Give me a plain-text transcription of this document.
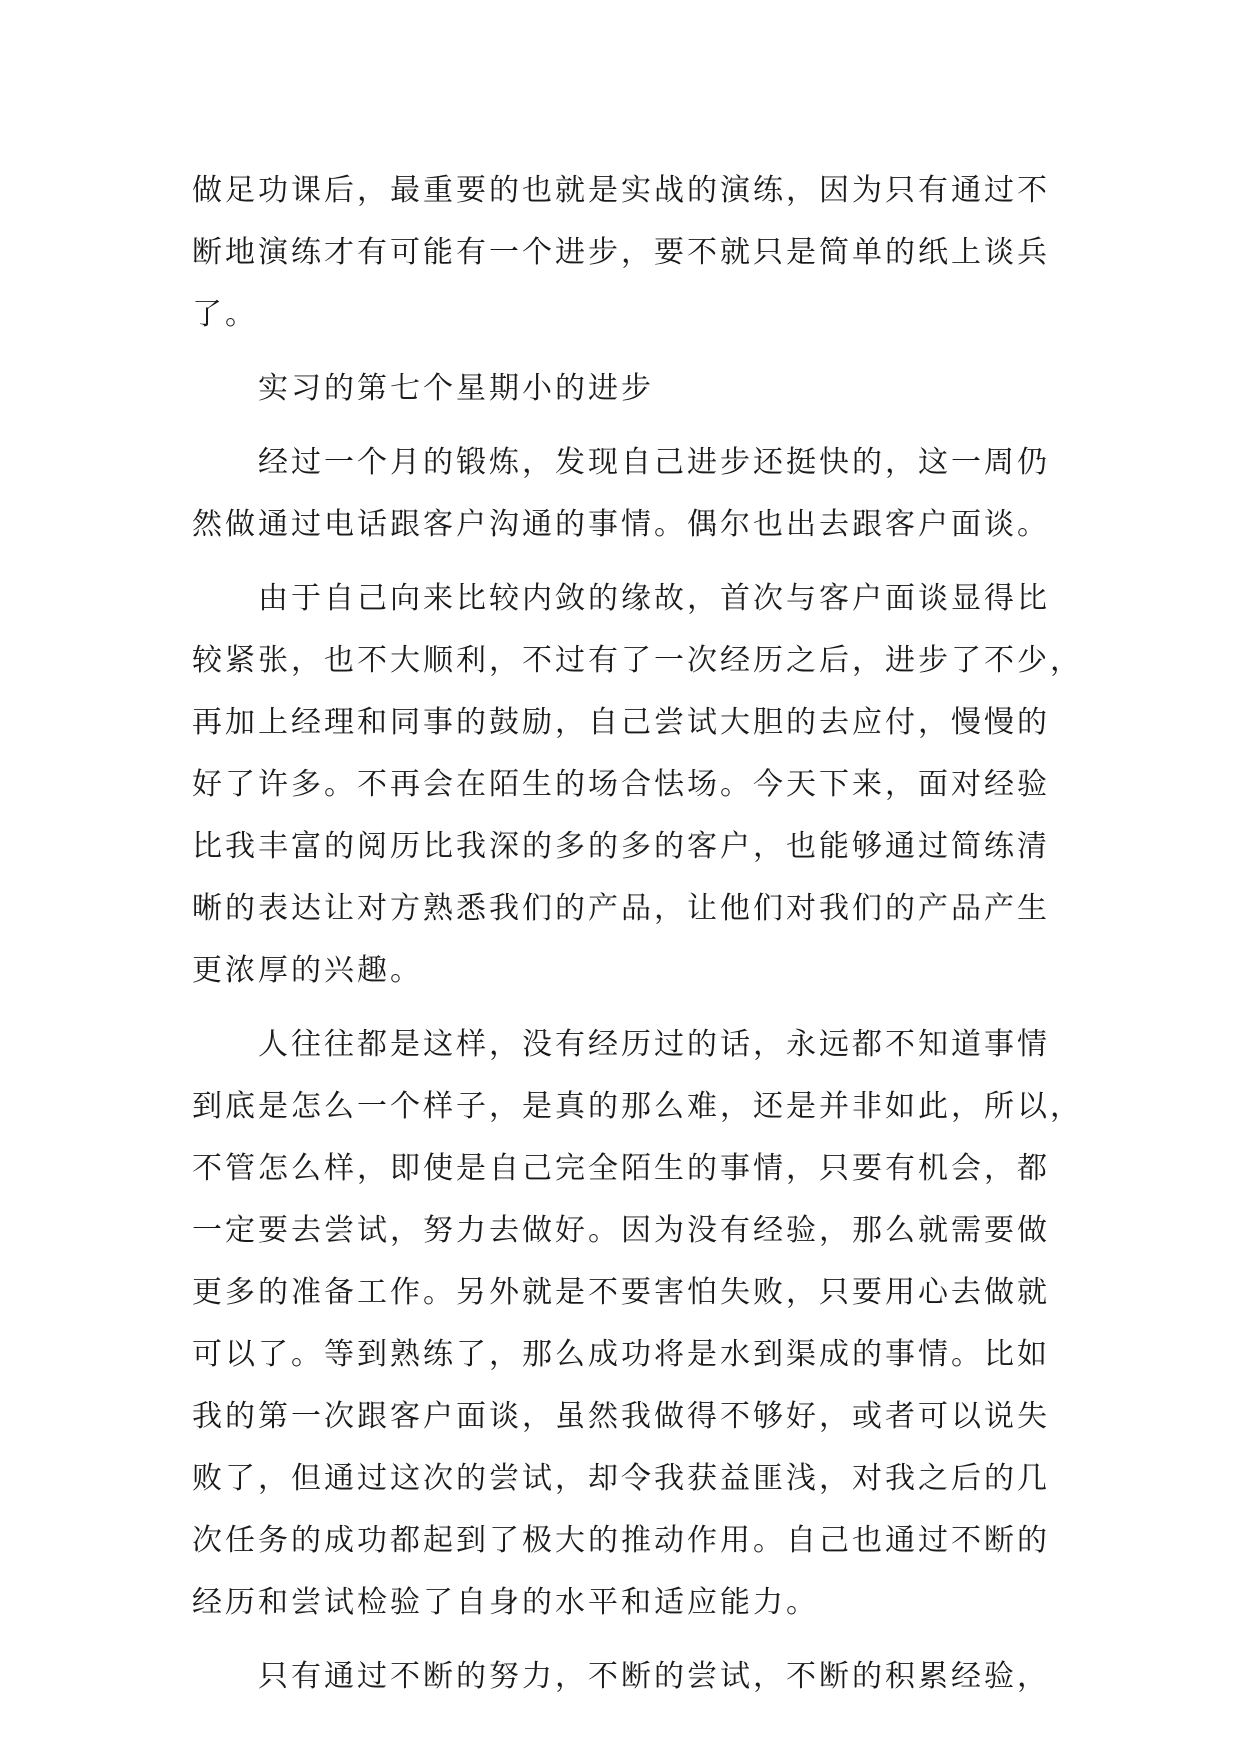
做足功课后，最重要的也就是实战的演练，因为只有通过不
断地演练才有可能有一个进步，要不就只是简单的纸上谈兵
了。
实习的第七个星期小的进步
经过一个月的锻炼，发现自己进步还挺快的，这一周仍
然做通过电话跟客户沟通的事情。偶尔也出去跟客户面谈。
由于自己向来比较内敛的缘故，首次与客户面谈显得比
较紧张，也不大顺利，不过有了一次经历之后，进步了不少，
再加上经理和同事的鼓励，自己尝试大胆的去应付，慢慢的
好了许多。不再会在陌生的场合怯场。今天下来，面对经验
比我丰富的阅历比我深的多的多的客户，也能够通过简练清
晰的表达让对方熟悉我们的产品，让他们对我们的产品产生
更浓厚的兴趣。
人往往都是这样，没有经历过的话，永远都不知道事情
到底是怎么一个样子，是真的那么难，还是并非如此，所以，
不管怎么样，即使是自己完全陌生的事情，只要有机会，都
一定要去尝试，努力去做好。因为没有经验，那么就需要做
更多的准备工作。另外就是不要害怕失败，只要用心去做就
可以了。等到熟练了，那么成功将是水到渠成的事情。比如
我的第一次跟客户面谈，虽然我做得不够好，或者可以说失
败了，但通过这次的尝试，却令我获益匪浅，对我之后的几
次任务的成功都起到了极大的推动作用。自己也通过不断的
经历和尝试检验了自身的水平和适应能力。
只有通过不断的努力，不断的尝试，不断的积累经验，
